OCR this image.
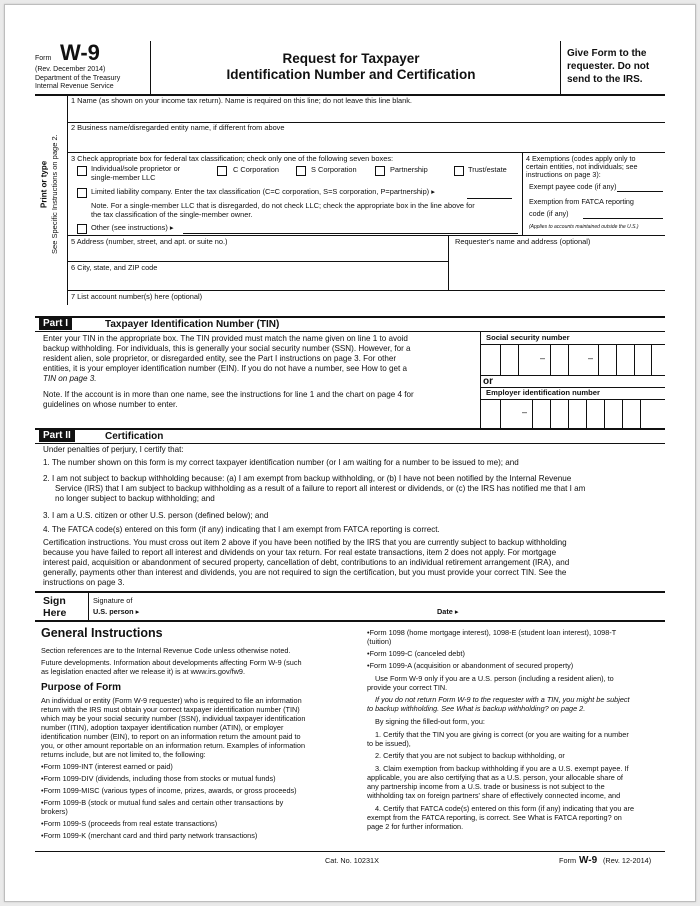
Form W-9
(Rev. December 2014)
Department of the Treasury
Internal Revenue Service
Request for Taxpayer
Identification Number and Certification
Give Form to the
requester. Do not
send to the IRS.
Print or type See Specific Instructions on page 2.
1 Name (as shown on your income tax return). Name is required on this line; do not leave this line blank.
2 Business name/disregarded entity name, if different from above
3 Check appropriate box for federal tax classification; check only one of the following seven boxes:
Individual/sole proprietor or
single-member LLC
C Corporation	S Corporation	Partnership	Trust/estate
Limited liability company. Enter the tax classification (C=C corporation, S=S corporation, P=partnership) ▸
Note. For a single-member LLC that is disregarded, do not check LLC; check the appropriate box in the line above for
the tax classification of the single-member owner.
Other (see instructions) ▸
4 Exemptions (codes apply only to
certain entities, not individuals; see
instructions on page 3):
Exempt payee code (if any)
Exemption from FATCA reporting
code (if any)
(Applies to accounts maintained outside the U.S.)
5 Address (number, street, and apt. or suite no.)	Requester's name and address (optional)
6 City, state, and ZIP code
7 List account number(s) here (optional)
Part I	Taxpayer Identification Number (TIN)
Enter your TIN in the appropriate box. The TIN provided must match the name given on line 1 to avoid
backup withholding. For individuals, this is generally your social security number (SSN). However, for a
resident alien, sole proprietor, or disregarded entity, see the Part I instructions on page 3. For other
entities, it is your employer identification number (EIN). If you do not have a number, see How to get a
TIN on page 3.
Note. If the account is in more than one name, see the instructions for line 1 and the chart on page 4 for
guidelines on whose number to enter.
Social security number
–	–
or
Employer identification number
–
Part II	Certification
Under penalties of perjury, I certify that:
1. The number shown on this form is my correct taxpayer identification number (or I am waiting for a number to be issued to me); and
2. I am not subject to backup withholding because: (a) I am exempt from backup withholding, or (b) I have not been notified by the Internal Revenue
Service (IRS) that I am subject to backup withholding as a result of a failure to report all interest or dividends, or (c) the IRS has notified me that I am
no longer subject to backup withholding; and
3. I am a U.S. citizen or other U.S. person (defined below); and
4. The FATCA code(s) entered on this form (if any) indicating that I am exempt from FATCA reporting is correct.
Certification instructions. You must cross out item 2 above if you have been notified by the IRS that you are currently subject to backup withholding
because you have failed to report all interest and dividends on your tax return. For real estate transactions, item 2 does not apply. For mortgage
interest paid, acquisition or abandonment of secured property, cancellation of debt, contributions to an individual retirement arrangement (IRA), and
generally, payments other than interest and dividends, you are not required to sign the certification, but you must provide your correct TIN. See the
instructions on page 3.
Sign
Here
Signature of
U.S. person ▸	Date ▸
General Instructions
Section references are to the Internal Revenue Code unless otherwise noted.
Future developments. Information about developments affecting Form W-9 (such
as legislation enacted after we release it) is at www.irs.gov/fw9.
Purpose of Form
An individual or entity (Form W-9 requester) who is required to file an information
return with the IRS must obtain your correct taxpayer identification number (TIN)
which may be your social security number (SSN), individual taxpayer identification
number (ITIN), adoption taxpayer identification number (ATIN), or employer
identification number (EIN), to report on an information return the amount paid to
you, or other amount reportable on an information return. Examples of information
returns include, but are not limited to, the following:
• Form 1099-INT (interest earned or paid)
• Form 1099-DIV (dividends, including those from stocks or mutual funds)
• Form 1099-MISC (various types of income, prizes, awards, or gross proceeds)
• Form 1099-B (stock or mutual fund sales and certain other transactions by
brokers)
• Form 1099-S (proceeds from real estate transactions)
• Form 1099-K (merchant card and third party network transactions)
• Form 1098 (home mortgage interest), 1098-E (student loan interest), 1098-T
(tuition)
• Form 1099-C (canceled debt)
• Form 1099-A (acquisition or abandonment of secured property)
Use Form W-9 only if you are a U.S. person (including a resident alien), to
provide your correct TIN.
If you do not return Form W-9 to the requester with a TIN, you might be subject
to backup withholding. See What is backup withholding? on page 2.
By signing the filled-out form, you:
1. Certify that the TIN you are giving is correct (or you are waiting for a number
to be issued),
2. Certify that you are not subject to backup withholding, or
3. Claim exemption from backup withholding if you are a U.S. exempt payee. If
applicable, you are also certifying that as a U.S. person, your allocable share of
any partnership income from a U.S. trade or business is not subject to the
withholding tax on foreign partners' share of effectively connected income, and
4. Certify that FATCA code(s) entered on this form (if any) indicating that you are
exempt from the FATCA reporting, is correct. See What is FATCA reporting? on
page 2 for further information.
Cat. No. 10231X	Form W-9 (Rev. 12-2014)
